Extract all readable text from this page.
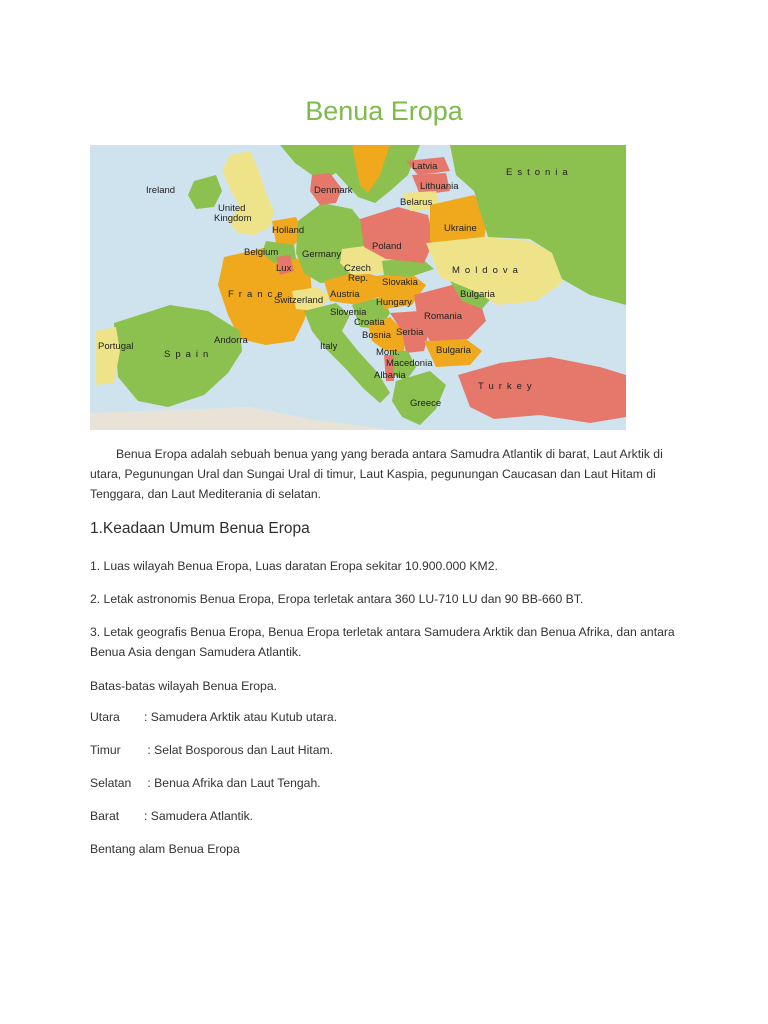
Benua Eropa
Ireland
United
Kingdom
Holland
Belgium
Lux
France
Germany
Denmark
Czech
Rep.
Austria
Switzerland
Slovenia
Croatia
Bosnia Serbia
Mont.
Macedonia
Albania
Greece
Italy
Andorra
Spain
Portugal
Poland
Slovakia
Hungary
Romania
Bulgaria
Moldova
Ukraine
Belarus
Lithuania
Latvia
Estonia
Bulgaria
Turkey

Benua Eropa adalah sebuah benua yang yang berada antara Samudra Atlantik di barat, Laut Arktik di utara, Pegunungan Ural dan Sungai Ural di timur, Laut Kaspia, pegunungan Caucasan dan Laut Hitam di Tenggara, dan Laut Mediterania di selatan.

1.Keadaan Umum Benua Eropa

1. Luas wilayah Benua Eropa, Luas daratan Eropa sekitar 10.900.000 KM2.

2. Letak astronomis Benua Eropa, Eropa terletak antara 360 LU-710 LU dan 90 BB-660 BT.

3. Letak geografis Benua Eropa, Benua Eropa terletak antara Samudera Arktik dan Benua Afrika, dan antara Benua Asia dengan Samudera Atlantik.

Batas-batas wilayah Benua Eropa.

Utara : Samudera Arktik atau Kutub utara.
Timur : Selat Bosporous dan Laut Hitam.
Selatan : Benua Afrika dan Laut Tengah.
Barat : Samudera Atlantik.

Bentang alam Benua Eropa
